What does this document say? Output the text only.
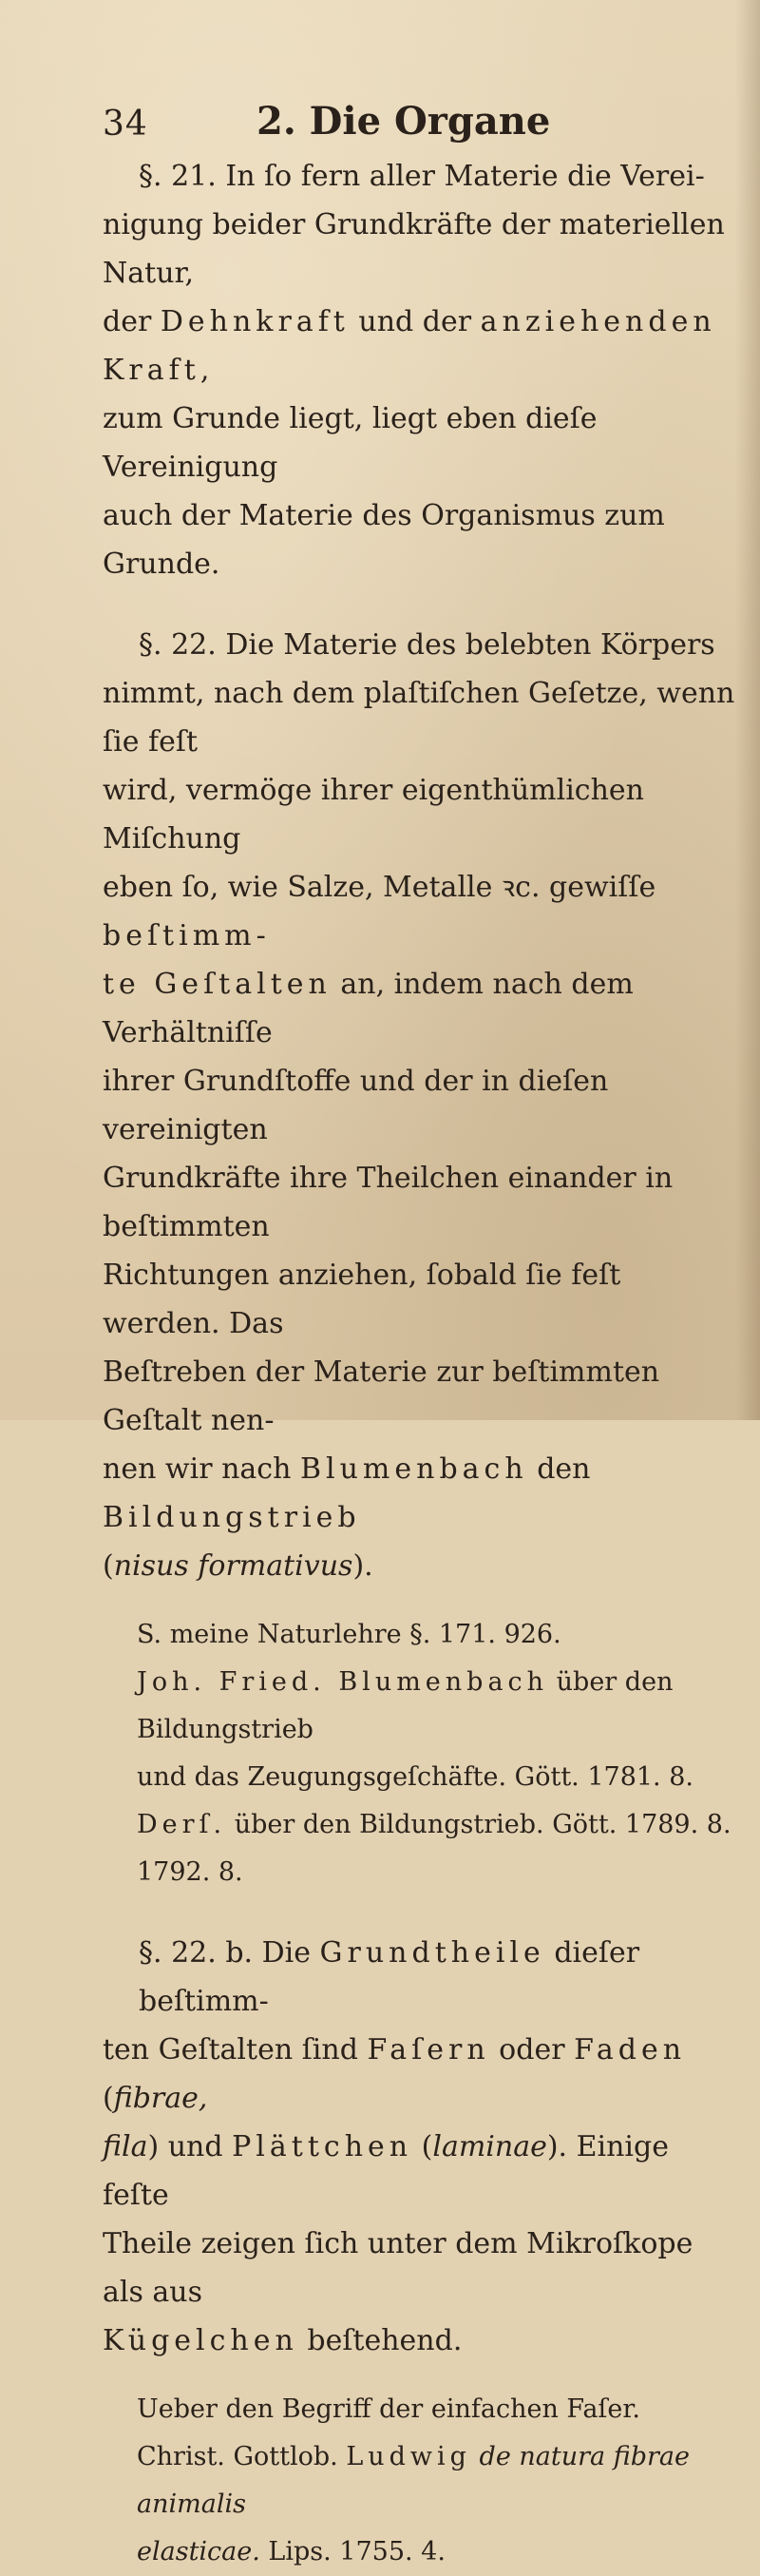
34	2. Die Organe
§. 21. In ſo fern aller Materie die Verei-
nigung beider Grundkräfte der materiellen Natur,
der Dehnkraft und der anziehenden Kraft,
zum Grunde liegt, liegt eben dieſe Vereinigung
auch der Materie des Organismus zum Grunde.
§. 22. Die Materie des belebten Körpers
nimmt, nach dem plaſtiſchen Geſetze, wenn ſie feſt
wird, vermöge ihrer eigenthümlichen Miſchung
eben ſo, wie Salze, Metalle ꝛc. gewiſſe beſtimm-
te Geſtalten an, indem nach dem Verhältniſſe
ihrer Grundſtoffe und der in dieſen vereinigten
Grundkräfte ihre Theilchen einander in beſtimmten
Richtungen anziehen, ſobald ſie feſt werden. Das
Beſtreben der Materie zur beſtimmten Geſtalt nen-
nen wir nach Blumenbach den Bildungstrieb
(nisus formativus).
S. meine Naturlehre §. 171. 926.
Joh. Fried. Blumenbach über den Bildungstrieb
und das Zeugungsgeſchäfte. Gött. 1781. 8.
Derſ. über den Bildungstrieb. Gött. 1789. 8. 1792. 8.
§. 22. b. Die Grundtheile dieſer beſtimm-
ten Geſtalten ſind Faſern oder Faden (fibrae,
fila) und Plättchen (laminae). Einige feſte
Theile zeigen ſich unter dem Mikroſkope als aus
Kügelchen beſtehend.
Ueber den Begriff der einfachen Faſer.
Christ. Gottlob. Ludwig de natura fibrae animalis
elasticae. Lips. 1755. 4.
